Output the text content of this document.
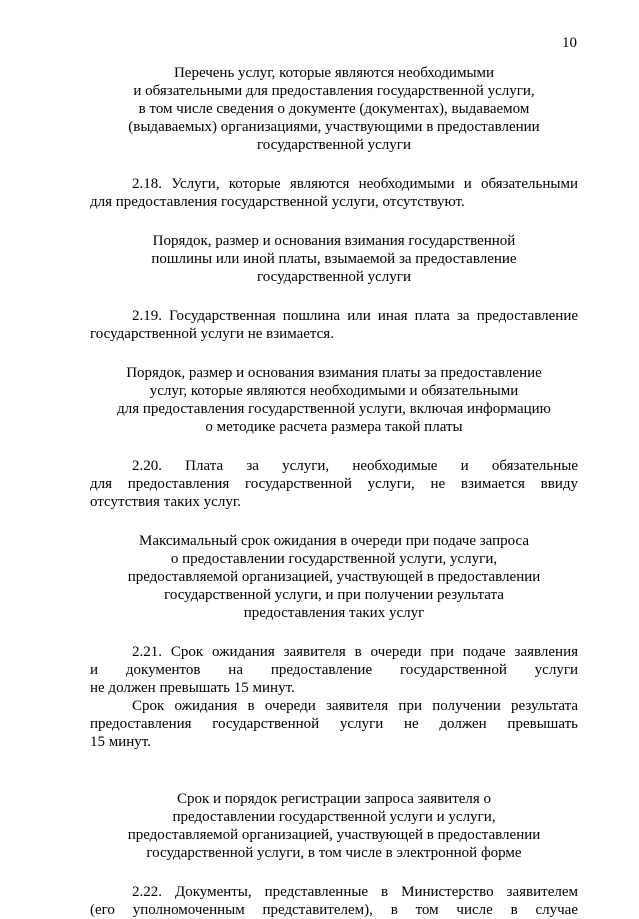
10
Перечень услуг, которые являются необходимыми
и обязательными для предоставления государственной услуги,
в том числе сведения о документе (документах), выдаваемом
(выдаваемых) организациями, участвующими в предоставлении
государственной услуги
2.18. Услуги, которые являются необходимыми и обязательными
для предоставления государственной услуги, отсутствуют.
Порядок, размер и основания взимания государственной
пошлины или иной платы, взымаемой за предоставление
государственной услуги
2.19. Государственная пошлина или иная плата за предоставление
государственной услуги не взимается.
Порядок, размер и основания взимания платы за предоставление
услуг, которые являются необходимыми и обязательными
для предоставления государственной услуги, включая информацию
о методике расчета размера такой платы
2.20. Плата за услуги, необходимые и обязательные
для предоставления государственной услуги, не взимается ввиду
отсутствия таких услуг.
Максимальный срок ожидания в очереди при подаче запроса
о предоставлении государственной услуги, услуги,
предоставляемой организацией, участвующей в предоставлении
государственной услуги, и при получении результата
предоставления таких услуг
2.21. Срок ожидания заявителя в очереди при подаче заявления
и документов на предоставление государственной услуги
не должен превышать 15 минут.
Срок ожидания в очереди заявителя при получении результата
предоставления государственной услуги не должен превышать
15 минут.
Срок и порядок регистрации запроса заявителя о
предоставлении государственной услуги и услуги,
предоставляемой организацией, участвующей в предоставлении
государственной услуги, в том числе в электронной форме
2.22. Документы, представленные в Министерство заявителем
(его уполномоченным представителем), в том числе в случае
